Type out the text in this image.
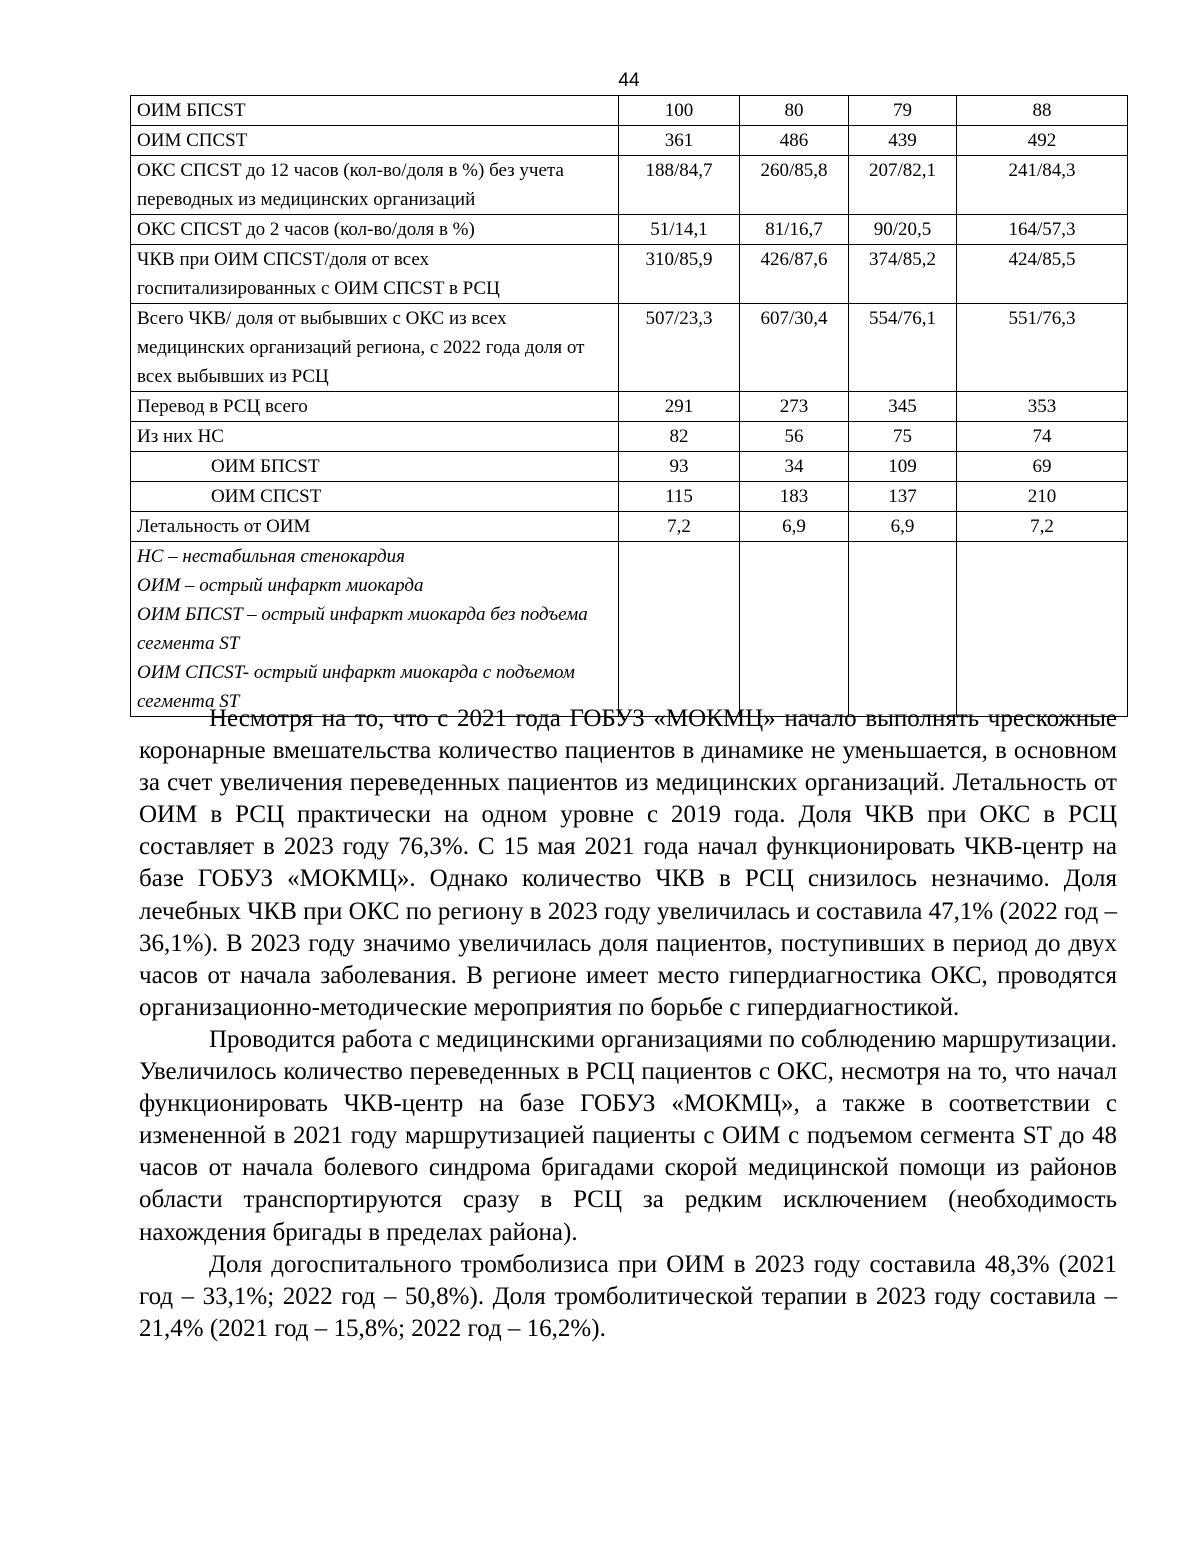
44
ОИМ БПСST	100	80	79	88
ОИМ СПСST	361	486	439	492
ОКС СПСST до 12 часов (кол-во/доля в %) без учета переводных из медицинских организаций	188/84,7	260/85,8	207/82,1	241/84,3
ОКС СПСST до 2 часов (кол-во/доля в %)	51/14,1	81/16,7	90/20,5	164/57,3
ЧКВ при ОИМ СПСST/доля от всех госпитализированных с ОИМ СПСST в РСЦ	310/85,9	426/87,6	374/85,2	424/85,5
Всего ЧКВ/ доля от выбывших с ОКС из всех медицинских организаций региона, с 2022 года доля от всех выбывших из РСЦ	507/23,3	607/30,4	554/76,1	551/76,3
Перевод в РСЦ всего	291	273	345	353
Из них НС	82	56	75	74
ОИМ БПСST	93	34	109	69
ОИМ СПСST	115	183	137	210
Летальность от ОИМ	7,2	6,9	6,9	7,2

НС – нестабильная стенокардия
ОИМ – острый инфаркт миокарда
ОИМ БПСST – острый инфаркт миокарда без подъема сегмента ST
ОИМ СПСST- острый инфаркт миокарда с подъемом сегмента ST				

Несмотря на то, что с 2021 года ГОБУЗ «МОКМЦ» начало выполнять чрескожные коронарные вмешательства количество пациентов в динамике не уменьшается, в основном за счет увеличения переведенных пациентов из медицинских организаций. Летальность от ОИМ в РСЦ практически на одном уровне с 2019 года. Доля ЧКВ при ОКС в РСЦ составляет в 2023 году 76,3%. С 15 мая 2021 года начал функционировать ЧКВ-центр на базе ГОБУЗ «МОКМЦ». Однако количество ЧКВ в РСЦ снизилось незначимо. Доля лечебных ЧКВ при ОКС по региону в 2023 году увеличилась и составила 47,1% (2022 год – 36,1%). В 2023 году значимо увеличилась доля пациентов, поступивших в период до двух часов от начала заболевания. В регионе имеет место гипердиагностика ОКС, проводятся организационно-методические мероприятия по борьбе с гипердиагностикой.

Проводится работа с медицинскими организациями по соблюдению маршрутизации. Увеличилось количество переведенных в РСЦ пациентов с ОКС, несмотря на то, что начал функционировать ЧКВ-центр на базе ГОБУЗ «МОКМЦ», а также в соответствии с измененной в 2021 году маршрутизацией пациенты с ОИМ с подъемом сегмента ST до 48 часов от начала болевого синдрома бригадами скорой медицинской помощи из районов области транспортируются сразу в РСЦ за редким исключением (необходимость нахождения бригады в пределах района).

Доля догоспитального тромболизиса при ОИМ в 2023 году составила 48,3% (2021 год – 33,1%; 2022 год – 50,8%). Доля тромболитической терапии в 2023 году составила – 21,4% (2021 год – 15,8%; 2022 год – 16,2%).
